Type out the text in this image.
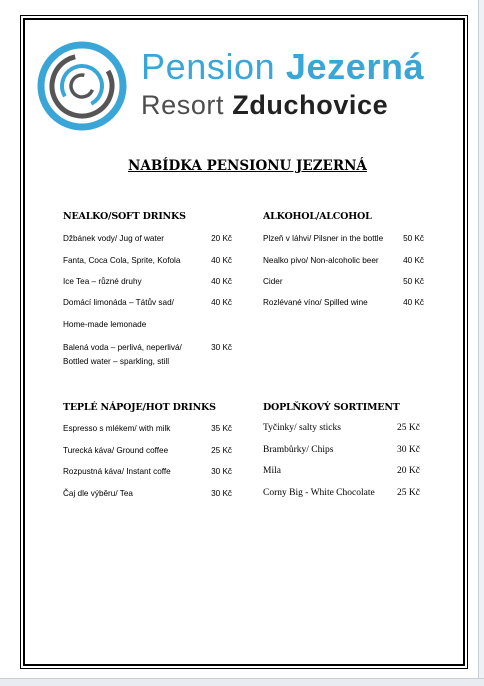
Pension Jezerná
Resort Zduchovice
NABÍDKA PENSIONU JEZERNÁ
NEALKO/SOFT DRINKS
Džbánek vody/ Jug of water	20 Kč
Fanta, Coca Cola, Sprite, Kofola	40 Kč
Ice Tea – různé druhy	40 Kč
Domácí limonáda – Tátův sad/	40 Kč
Home-made lemonade
Balená voda – perlivá, neperlivá/	30 Kč
Bottled water – sparkling, still
ALKOHOL/ALCOHOL
Plzeň v láhvi/ Pilsner in the bottle	50 Kč
Nealko pivo/ Non-alcoholic beer	40 Kč
Cider	50 Kč
Rozlévané víno/ Spilled wine	40 Kč
TEPLÉ NÁPOJE/HOT DRINKS
Espresso s mlékem/ with milk	35 Kč
Turecká káva/ Ground coffee	25 Kč
Rozpustná káva/ Instant coffe	30 Kč
Čaj dle výběru/ Tea	30 Kč
DOPLŇKOVÝ SORTIMENT
Tyčinky/ salty sticks	25 Kč
Brambůrky/ Chips	30 Kč
Mila	20 Kč
Corny Big - White Chocolate	25 Kč
